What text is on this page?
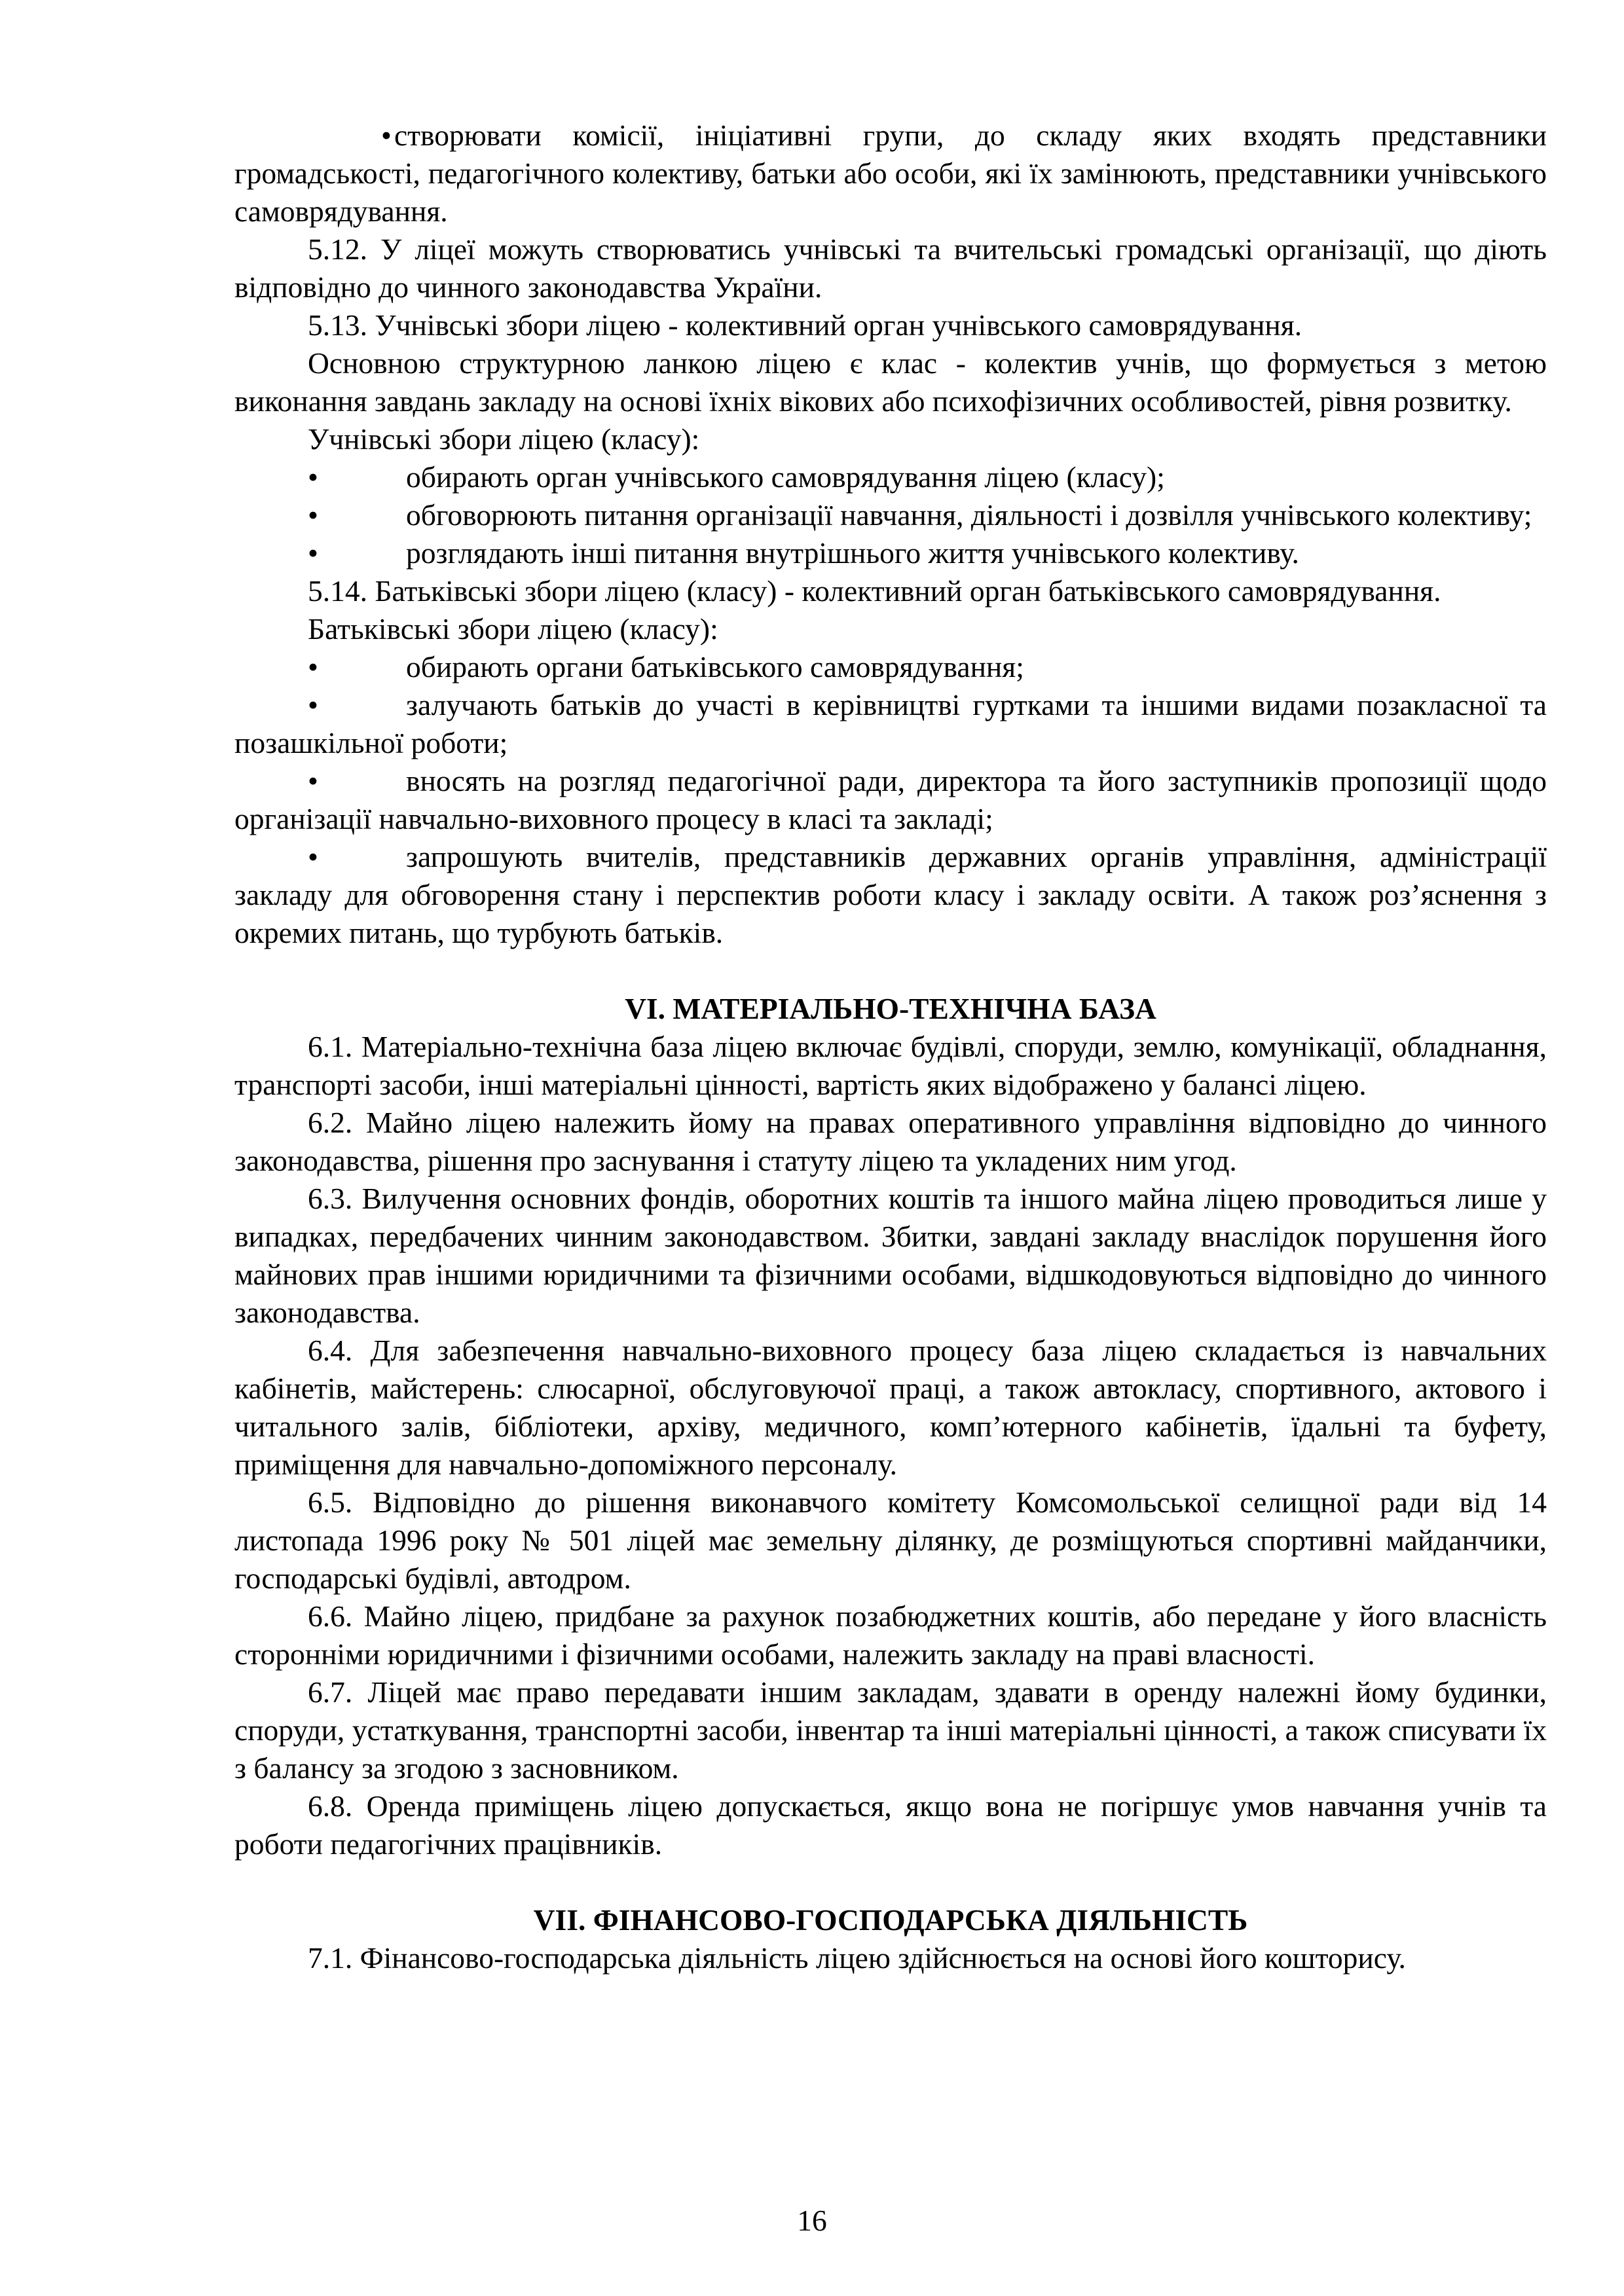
•створювати комісії, ініціативні групи, до складу яких входять представники громадськості, педагогічного колективу, батьки або особи, які їх замінюють, представники учнівського самоврядування.

5.12. У ліцеї можуть створюватись учнівські та вчительські громадські організації, що діють відповідно до чинного законодавства України.

5.13. Учнівські збори ліцею - колективний орган учнівського самоврядування.

Основною структурною ланкою ліцею є клас - колектив учнів, що формується з метою виконання завдань закладу на основі їхніх вікових або психофізичних особливостей, рівня розвитку.

Учнівські збори ліцею (класу):

•	обирають орган учнівського самоврядування ліцею (класу);

•	обговорюють питання організації навчання, діяльності і дозвілля учнівського колективу;

•	розглядають інші питання внутрішнього життя учнівського колективу.

5.14. Батьківські збори ліцею (класу) - колективний орган батьківського самоврядування.

Батьківські збори ліцею (класу):

•	обирають органи батьківського самоврядування;

•	залучають батьків до участі в керівництві гуртками та іншими видами позакласної та позашкільної роботи;

•	вносять на розгляд педагогічної ради, директора та його заступників пропозиції щодо організації навчально-виховного процесу в класі та закладі;

•	запрошують вчителів, представників державних органів управління, адміністрації закладу для обговорення стану і перспектив роботи класу і закладу освіти. А також роз’яснення з окремих питань, що турбують батьків.

VI. МАТЕРІАЛЬНО-ТЕХНІЧНА БАЗА

6.1. Матеріально-технічна база ліцею включає будівлі, споруди, землю, комунікації, обладнання, транспорті засоби, інші матеріальні цінності, вартість яких відображено у балансі ліцею.

6.2. Майно ліцею належить йому на правах оперативного управління відповідно до чинного законодавства, рішення про заснування і статуту ліцею та укладених ним угод.

6.3. Вилучення основних фондів, оборотних коштів та іншого майна ліцею проводиться лише у випадках, передбачених чинним законодавством. Збитки, завдані закладу внаслідок порушення його майнових прав іншими юридичними та фізичними особами, відшкодовуються відповідно до чинного законодавства.

6.4. Для забезпечення навчально-виховного процесу база ліцею складається із навчальних кабінетів, майстерень: слюсарної, обслуговуючої праці, а також автокласу, спортивного, актового і читального залів, бібліотеки, архіву, медичного, комп’ютерного кабінетів, їдальні та буфету, приміщення для навчально-допоміжного персоналу.

6.5. Відповідно до рішення виконавчого комітету Комсомольської селищної ради від 14 листопада 1996 року № 501 ліцей має земельну ділянку, де розміщуються спортивні майданчики, господарські будівлі, автодром.

6.6. Майно ліцею, придбане за рахунок позабюджетних коштів, або передане у його власність сторонніми юридичними і фізичними особами, належить закладу на праві власності.

6.7. Ліцей має право передавати іншим закладам, здавати в оренду належні йому будинки, споруди, устаткування, транспортні засоби, інвентар та інші матеріальні цінності, а також списувати їх з балансу за згодою з засновником.

6.8. Оренда приміщень ліцею допускається, якщо вона не погіршує умов навчання учнів та роботи педагогічних працівників.

VII. ФІНАНСОВО-ГОСПОДАРСЬКА ДІЯЛЬНІСТЬ

7.1. Фінансово-господарська діяльність ліцею здійснюється на основі його кошторису.

16
